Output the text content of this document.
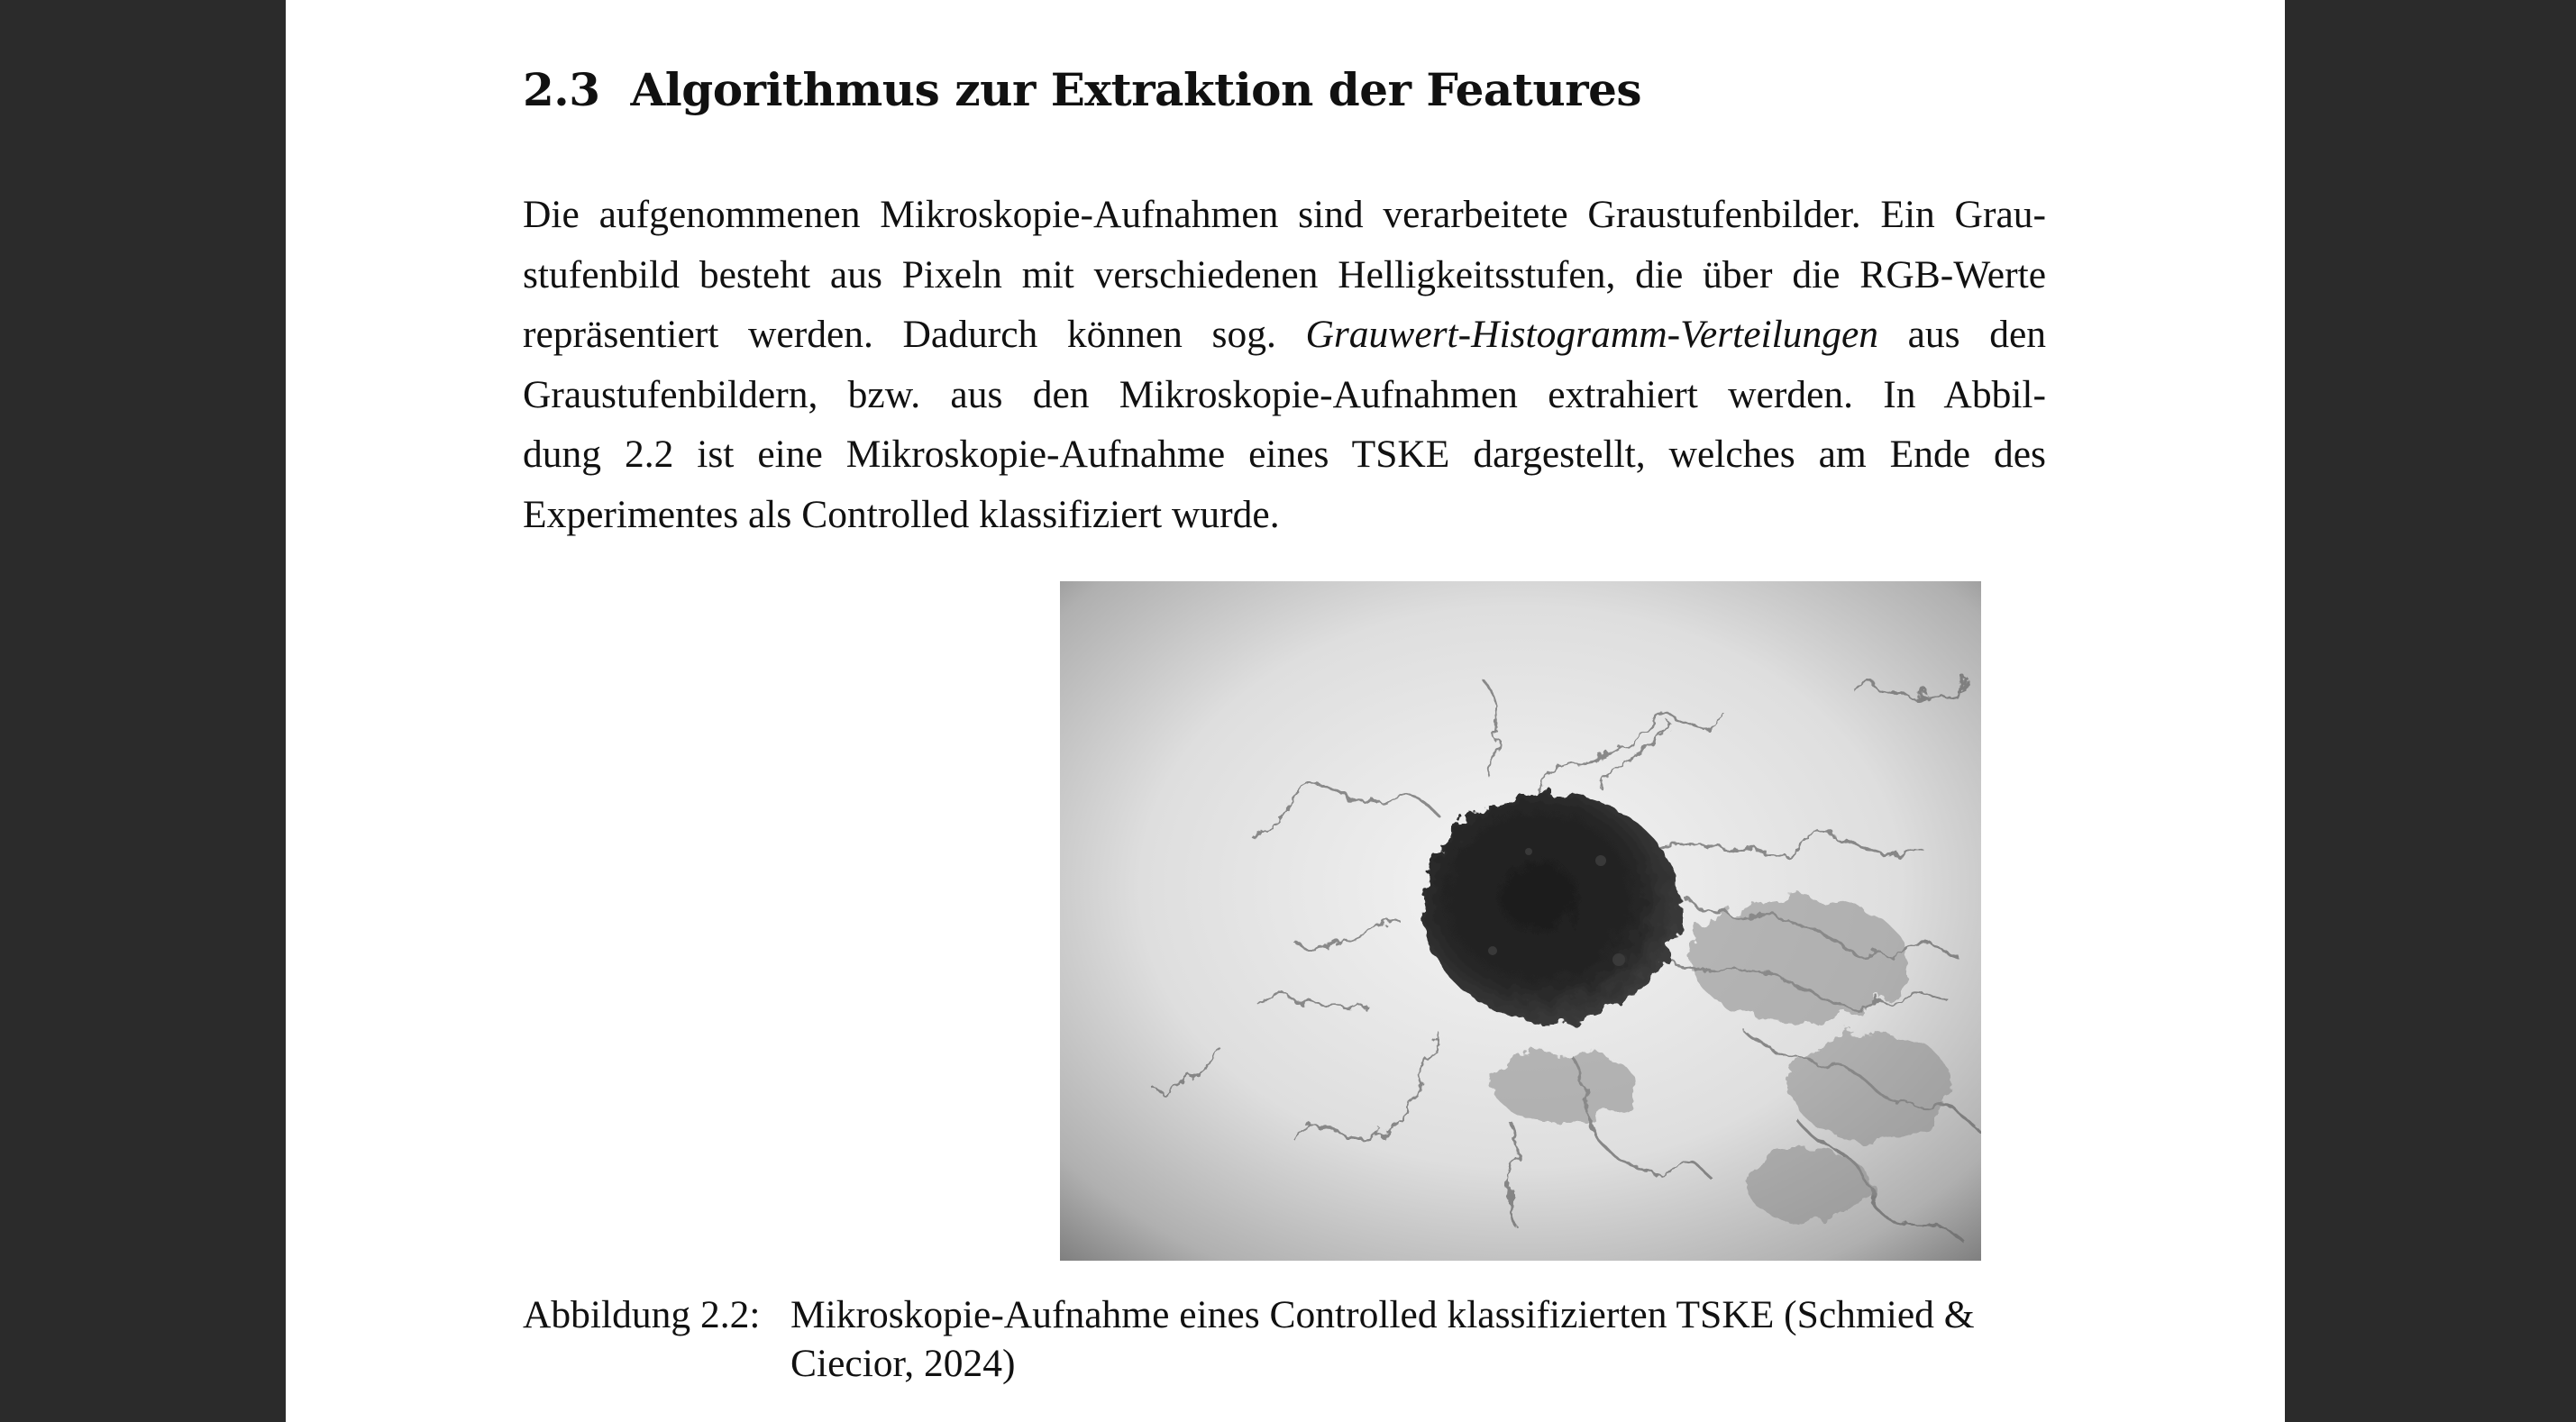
2.3 Algorithmus zur Extraktion der Features
Die aufgenommenen Mikroskopie-Aufnahmen sind verarbeitete Graustufenbilder. Ein Grau-
stufenbild besteht aus Pixeln mit verschiedenen Helligkeitsstufen, die über die RGB-Werte
repräsentiert werden. Dadurch können sog. Grauwert-Histogramm-Verteilungen aus den
Graustufenbildern, bzw. aus den Mikroskopie-Aufnahmen extrahiert werden. In Abbil-
dung 2.2 ist eine Mikroskopie-Aufnahme eines TSKE dargestellt, welches am Ende des
Experimentes als Controlled klassifiziert wurde.
Abbildung 2.2: Mikroskopie-Aufnahme eines Controlled klassifizierten TSKE (Schmied &
Ciecior, 2024)
